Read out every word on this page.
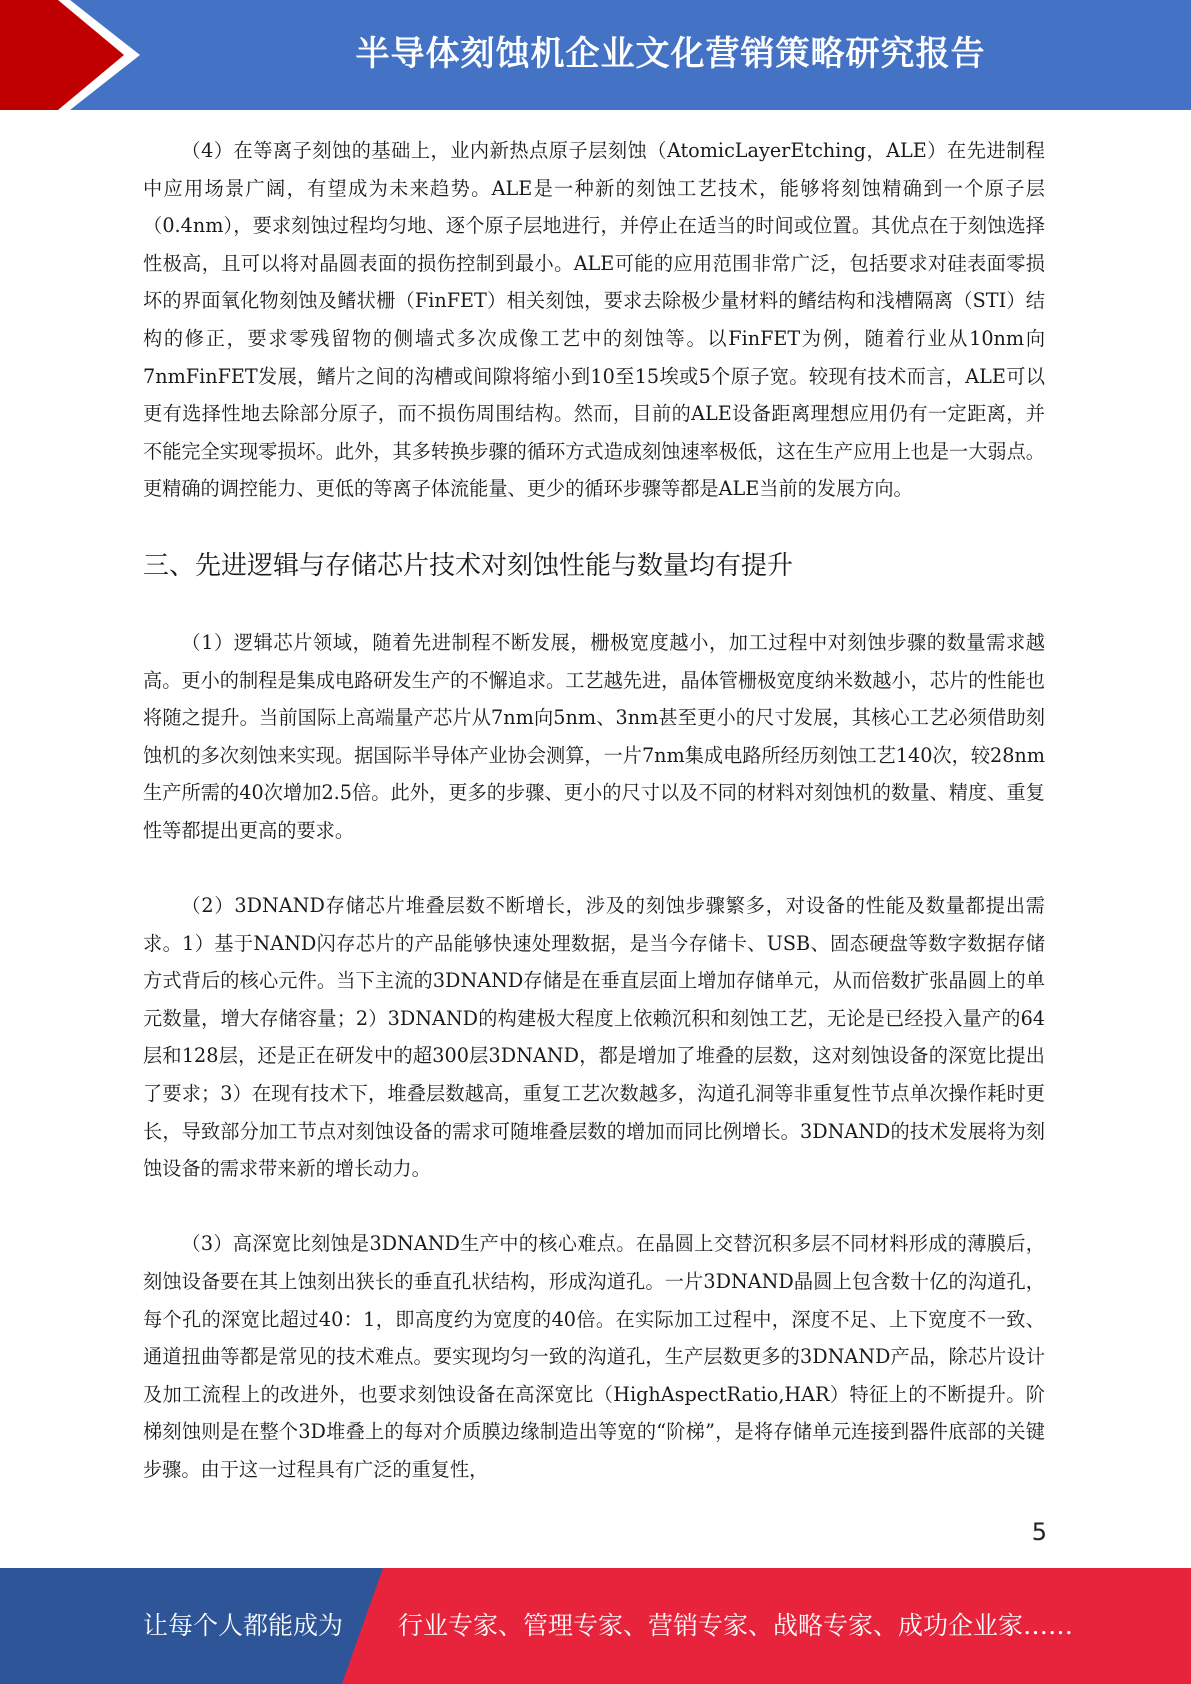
半导体刻蚀机企业文化营销策略研究报告

（4）在等离子刻蚀的基础上，业内新热点原子层刻蚀（AtomicLayerEtching，ALE）在先进制程中应用场景广阔，有望成为未来趋势。ALE是一种新的刻蚀工艺技术，能够将刻蚀精确到一个原子层（0.4nm），要求刻蚀过程均匀地、逐个原子层地进行，并停止在适当的时间或位置。其优点在于刻蚀选择性极高，且可以将对晶圆表面的损伤控制到最小。ALE可能的应用范围非常广泛，包括要求对硅表面零损坏的界面氧化物刻蚀及鳍状栅（FinFET）相关刻蚀，要求去除极少量材料的鳍结构和浅槽隔离（STI）结构的修正，要求零残留物的侧墙式多次成像工艺中的刻蚀等。以FinFET为例，随着行业从10nm向7nmFinFET发展，鳍片之间的沟槽或间隙将缩小到10至15埃或5个原子宽。较现有技术而言，ALE可以更有选择性地去除部分原子，而不损伤周围结构。然而，目前的ALE设备距离理想应用仍有一定距离，并不能完全实现零损坏。此外，其多转换步骤的循环方式造成刻蚀速率极低，这在生产应用上也是一大弱点。更精确的调控能力、更低的等离子体流能量、更少的循环步骤等都是ALE当前的发展方向。

三、先进逻辑与存储芯片技术对刻蚀性能与数量均有提升

（1）逻辑芯片领域，随着先进制程不断发展，栅极宽度越小，加工过程中对刻蚀步骤的数量需求越高。更小的制程是集成电路研发生产的不懈追求。工艺越先进，晶体管栅极宽度纳米数越小，芯片的性能也将随之提升。当前国际上高端量产芯片从7nm向5nm、3nm甚至更小的尺寸发展，其核心工艺必须借助刻蚀机的多次刻蚀来实现。据国际半导体产业协会测算，一片7nm集成电路所经历刻蚀工艺140次，较28nm生产所需的40次增加2.5倍。此外，更多的步骤、更小的尺寸以及不同的材料对刻蚀机的数量、精度、重复性等都提出更高的要求。

（2）3DNAND存储芯片堆叠层数不断增长，涉及的刻蚀步骤繁多，对设备的性能及数量都提出需求。1）基于NAND闪存芯片的产品能够快速处理数据，是当今存储卡、USB、固态硬盘等数字数据存储方式背后的核心元件。当下主流的3DNAND存储是在垂直层面上增加存储单元，从而倍数扩张晶圆上的单元数量，增大存储容量；2）3DNAND的构建极大程度上依赖沉积和刻蚀工艺，无论是已经投入量产的64层和128层，还是正在研发中的超300层3DNAND，都是增加了堆叠的层数，这对刻蚀设备的深宽比提出了要求；3）在现有技术下，堆叠层数越高，重复工艺次数越多，沟道孔洞等非重复性节点单次操作耗时更长，导致部分加工节点对刻蚀设备的需求可随堆叠层数的增加而同比例增长。3DNAND的技术发展将为刻蚀设备的需求带来新的增长动力。

（3）高深宽比刻蚀是3DNAND生产中的核心难点。在晶圆上交替沉积多层不同材料形成的薄膜后，刻蚀设备要在其上蚀刻出狭长的垂直孔状结构，形成沟道孔。一片3DNAND晶圆上包含数十亿的沟道孔，每个孔的深宽比超过40：1，即高度约为宽度的40倍。在实际加工过程中，深度不足、上下宽度不一致、通道扭曲等都是常见的技术难点。要实现均匀一致的沟道孔，生产层数更多的3DNAND产品，除芯片设计及加工流程上的改进外，也要求刻蚀设备在高深宽比（HighAspectRatio,HAR）特征上的不断提升。阶梯刻蚀则是在整个3D堆叠上的每对介质膜边缘制造出等宽的“阶梯”，是将存储单元连接到器件底部的关键步骤。由于这一过程具有广泛的重复性，

5
让每个人都能成为 行业专家、管理专家、营销专家、战略专家、成功企业家……
